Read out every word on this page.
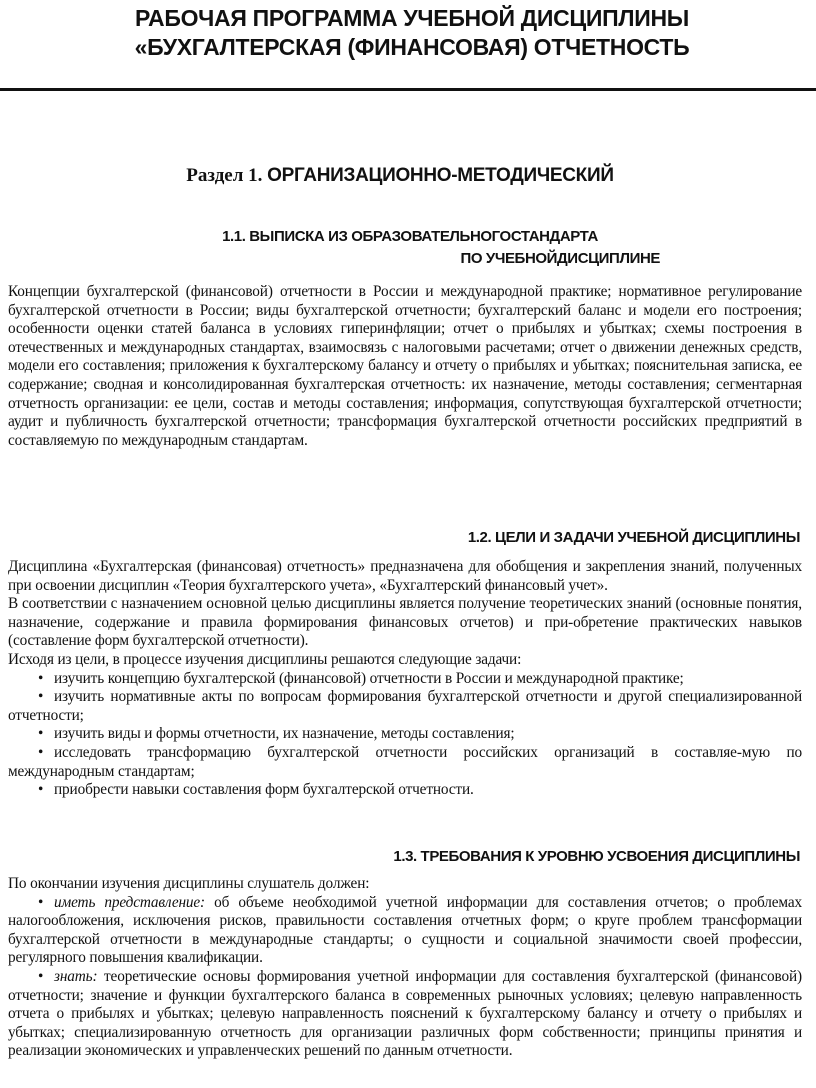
РАБОЧАЯ ПРОГРАММА УЧЕБНОЙ ДИСЦИПЛИНЫ
«БУХГАЛТЕРСКАЯ (ФИНАНСОВАЯ) ОТЧЕТНОСТЬ
Раздел 1. ОРГАНИЗАЦИОННО-МЕТОДИЧЕСКИЙ
1.1. ВЫПИСКА ИЗ ОБРАЗОВАТЕЛЬНОГОСТАНДАРТА
ПО УЧЕБНОЙДИСЦИПЛИНЕ

Концепции бухгалтерской (финансовой) отчетности в России и международной практике; нормативное регулирование бухгалтерской отчетности в России; виды бухгалтерской отчетности; бухгалтерский баланс и модели его построения; особенности оценки статей баланса в условиях гиперинфляции; отчет о прибылях и убытках; схемы построения в отечественных и международных стандартах, взаимосвязь с налоговыми расчетами; отчет о движении денежных средств, модели его составления; приложения к бухгалтерскому балансу и отчету о прибылях и убытках; пояснительная записка, ее содержание; сводная и консолидированная бухгалтерская отчетность: их назначение, методы составления; сегментарная отчетность организации: ее цели, состав и методы составления; информация, сопутствующая бухгалтерской отчетности; аудит и публичность бухгалтерской отчетности; трансформация бухгалтерской отчетности российских предприятий в составляемую по международным стандартам.

1.2. ЦЕЛИ И ЗАДАЧИ УЧЕБНОЙ ДИСЦИПЛИНЫ

Дисциплина «Бухгалтерская (финансовая) отчетность» предназначена для обобщения и закрепления знаний, полученных при освоении дисциплин «Теория бухгалтерского учета», «Бухгалтерский финансовый учет».

В соответствии с назначением основной целью дисциплины является получение теоретических знаний (основные понятия, назначение, содержание и правила формирования финансовых отчетов) и при-обретение практических навыков (составление форм бухгалтерской отчетности).

Исходя из цели, в процессе изучения дисциплины решаются следующие задачи:

• изучить концепцию бухгалтерской (финансовой) отчетности в России и международной практике;

• изучить нормативные акты по вопросам формирования бухгалтерской отчетности и другой специализированной отчетности;

• изучить виды и формы отчетности, их назначение, методы составления;

• исследовать трансформацию бухгалтерской отчетности российских организаций в составляе-мую по международным стандартам;

• приобрести навыки составления форм бухгалтерской отчетности.

1.3. ТРЕБОВАНИЯ К УРОВНЮ УСВОЕНИЯ ДИСЦИПЛИНЫ

По окончании изучения дисциплины слушатель должен:

• иметь представление: об объеме необходимой учетной информации для составления отчетов; о проблемах налогообложения, исключения рисков, правильности составления отчетных форм; о круге проблем трансформации бухгалтерской отчетности в международные стандарты; о сущности и социальной значимости своей профессии, регулярного повышения квалификации.

• знать: теоретические основы формирования учетной информации для составления бухгалтерской (финансовой) отчетности; значение и функции бухгалтерского баланса в современных рыночных условиях; целевую направленность отчета о прибылях и убытках; целевую направленность пояснений к бухгалтерскому балансу и отчету о прибылях и убытках; специализированную отчетность для организации различных форм собственности; принципы принятия и реализации экономических и управленческих решений по данным отчетности.
